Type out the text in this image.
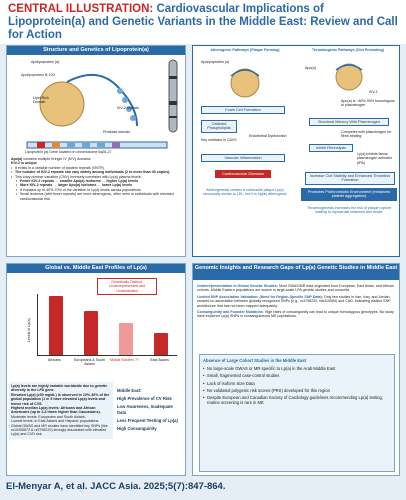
CENTRAL ILLUSTRATION: Cardiovascular Implications of Lipoprotein(a) and Genetic Variants in the Middle East: Review and Call for Action
Structure and Genetics of Lipoprotein(a)
Apolipoprotein (a)
Apolipoprotein B-100
Lipid Rich Domain
KIV-2 repeats
Protease domain
Lipoprotein (a) Gene located on chromosome 6q26-27
Apo(a) contains multiple Kringle IV (KIV) domains
KIV-2 is unique
• It exists in a variable number of tandem repeats (VNTR).
• The number of KIV-2 repeats can vary widely among individuals (2 to more than 40 copies).
• This copy number variation (CNV) inversely correlates with Lp(a) plasma levels:
• Fewer KIV-2 repeats → smaller Apo(a) isoforms → higher Lp(a) levels
• More KIV-2 repeats → larger Apo(a) isoforms → lower Lp(a) levels
• It explains up to 40%-70% of the variation in Lp(a) levels across populations
• Small isoforms (with fewer repeats) are more atherogenic, often seen in individuals with elevated cardiovascular risk.
Atherogenic Pathways (Plaque Forming)
Apolipoprotein (a)
Foam Cell Formation
Oxidized Phospholipids
Endothelial Dysfunction
Key mediator in CAVS
Vascular Inflammation
Cardiovascular Diseases
Atherogenesis creates a vulnerable plaque Lp(a) structurally similar to LDL, but it is highly atherogenic
Thrombogenic Pathways (Clot Promoting)
Apo(a)
KIV-1
Apo(a) is ~80%-90% homologous to plasminogen
Structural Mimicry With Plasminogen
Competes with plasminogen for fibrin binding
Inhibit Fibrinolysis
Lp(a) inhibits tissue plasminogen activator (tPA)
Increase Clot Stability and Enhanced Thrombus Formation
Promotes Prothrombotic Environment (enhances platelet aggregation)
Thrombogenesis increases the risk of plaque rupture leading to myocardial infarction and stroke
Global vs. Middle East Profiles of Lp(a)
Genetically Distinct, Underrepresented and Understudied
Levels of Lp(a)
Africans	Europeans & South Asians
Middle Eastern ??	East Asians
Lp(a) levels are highly variable worldwide due to genetic diversity in the LPA gene.
Elevated Lp(a) (≥50 mg/dL) is observed in 10%-30% of the global population (1 in 5 have elevated Lp(a) levels and hence risk of CVS.
Highest median Lp(a) levels: Africans and African Americans (up to 2-3 times higher than Caucasians).
Moderate levels: Europeans and South Asians.
Lowest levels: in East Asians and Hispanic populations.
Global GWAS and MR studies have identified key SNPs (like rs10455872 & rs3798220) strongly associated with elevated Lp(a) and CVD risk.
Middle East:
High Prevalence of CV Risk
Low Awareness, Inadequate Data
Less Frequent Testing of Lp(a)
High Consanguinity
Genomic Insights and Research Gaps of Lp(a) Genetic Studies in Middle East
Underrepresentation in Global Genetic Studies: Most GWAS/MR data originated from European, East Asian, and African cohorts. Middle Eastern populations are scarce in large-scale LPA genetic studies and consortia.
Limited SNP Association Validation: (Need for Region-Specific SNP Data): Only few studies in Iran, Iraq, and Jordan, showed no association between globally recognized SNPs (e.g., rs3798220, rs6415084) and CAD, indicating distinct SNP architecture that has not been mapped adequately.
Consanguinity and Founder Mutations: High rates of consanguinity can lead to unique homozygous genotypes. No study have explored Lp(a) SNPs in consanguineous ME populations.
Absence of Large Cohort Studies in the Middle East
• No large-scale GWAS or MR specific to Lp(a) in the Arab Middle East
• Small, fragmented case-control studies
• Lack of isoform Size Data
• No validated polygenic risk scores (PRS) developed for this region
• Despite European and Canadian Society of Cardiology guidelines recommending Lp(a) testing, routine screening is rare in ME
El-Menyar A, et al. JACC Asia. 2025;5(7):847-864.
